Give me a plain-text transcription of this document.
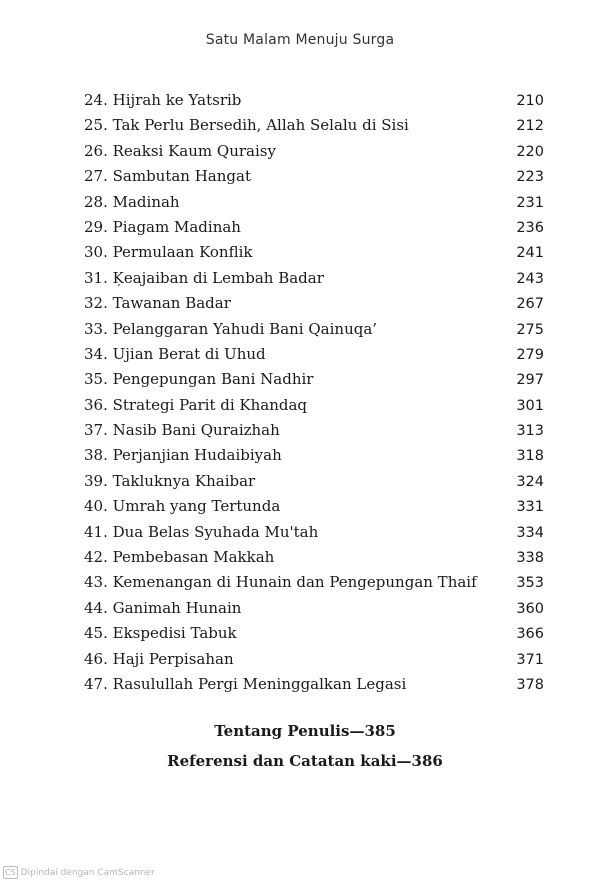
Satu Malam Menuju Surga
24. Hijrah ke Yatsrib	210
25. Tak Perlu Bersedih, Allah Selalu di Sisi	212
26. Reaksi Kaum Quraisy	220
27. Sambutan Hangat	223
28. Madinah	231
29. Piagam Madinah	236
30. Permulaan Konflik	241
31. Ķeajaiban di Lembah Badar	243
32. Tawanan Badar	267
33. Pelanggaran Yahudi Bani Qainuqa’	275
34. Ujian Berat di Uhud	279
35. Pengepungan Bani Nadhir	297
36. Strategi Parit di Khandaq	301
37. Nasib Bani Quraizhah	313
38. Perjanjian Hudaibiyah	318
39. Takluknya Khaibar	324
40. Umrah yang Tertunda	331
41. Dua Belas Syuhada Mu'tah	334
42. Pembebasan Makkah	338
43. Kemenangan di Hunain dan Pengepungan Thaif	353
44. Ganimah Hunain	360
45. Ekspedisi Tabuk	366
46. Haji Perpisahan	371
47. Rasulullah Pergi Meninggalkan Legasi	378
Tentang Penulis—385
Referensi dan Catatan kaki—386
CS Dipindai dengan CamScanner
